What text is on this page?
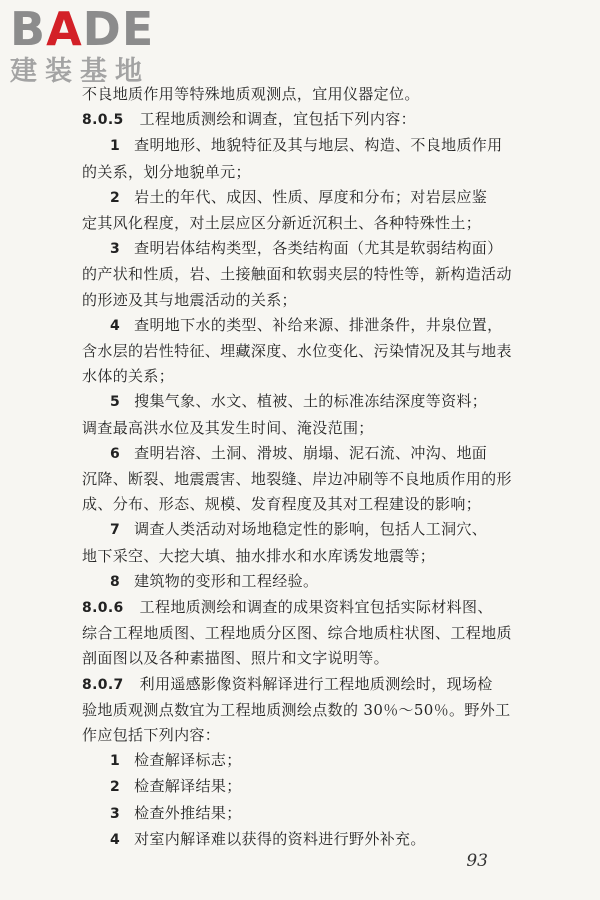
BADE
建装基地
不良地质作用等特殊地质观测点，宜用仪器定位。
8.0.5 工程地质测绘和调查，宜包括下列内容：
1 查明地形、地貌特征及其与地层、构造、不良地质作用
的关系，划分地貌单元；
2 岩土的年代、成因、性质、厚度和分布；对岩层应鉴
定其风化程度，对土层应区分新近沉积土、各种特殊性土；
3 查明岩体结构类型，各类结构面（尤其是软弱结构面）
的产状和性质，岩、土接触面和软弱夹层的特性等，新构造活动
的形迹及其与地震活动的关系；
4 查明地下水的类型、补给来源、排泄条件，井泉位置，
含水层的岩性特征、埋藏深度、水位变化、污染情况及其与地表
水体的关系；
5 搜集气象、水文、植被、土的标准冻结深度等资料；
调查最高洪水位及其发生时间、淹没范围；
6 查明岩溶、土洞、滑坡、崩塌、泥石流、冲沟、地面
沉降、断裂、地震震害、地裂缝、岸边冲刷等不良地质作用的形
成、分布、形态、规模、发育程度及其对工程建设的影响；
7 调查人类活动对场地稳定性的影响，包括人工洞穴、
地下采空、大挖大填、抽水排水和水库诱发地震等；
8 建筑物的变形和工程经验。
8.0.6 工程地质测绘和调查的成果资料宜包括实际材料图、
综合工程地质图、工程地质分区图、综合地质柱状图、工程地质
剖面图以及各种素描图、照片和文字说明等。
8.0.7 利用遥感影像资料解译进行工程地质测绘时，现场检
验地质观测点数宜为工程地质测绘点数的 30％～50％。野外工
作应包括下列内容：
1 检查解译标志；
2 检查解译结果；
3 检查外推结果；
4 对室内解译难以获得的资料进行野外补充。
93
